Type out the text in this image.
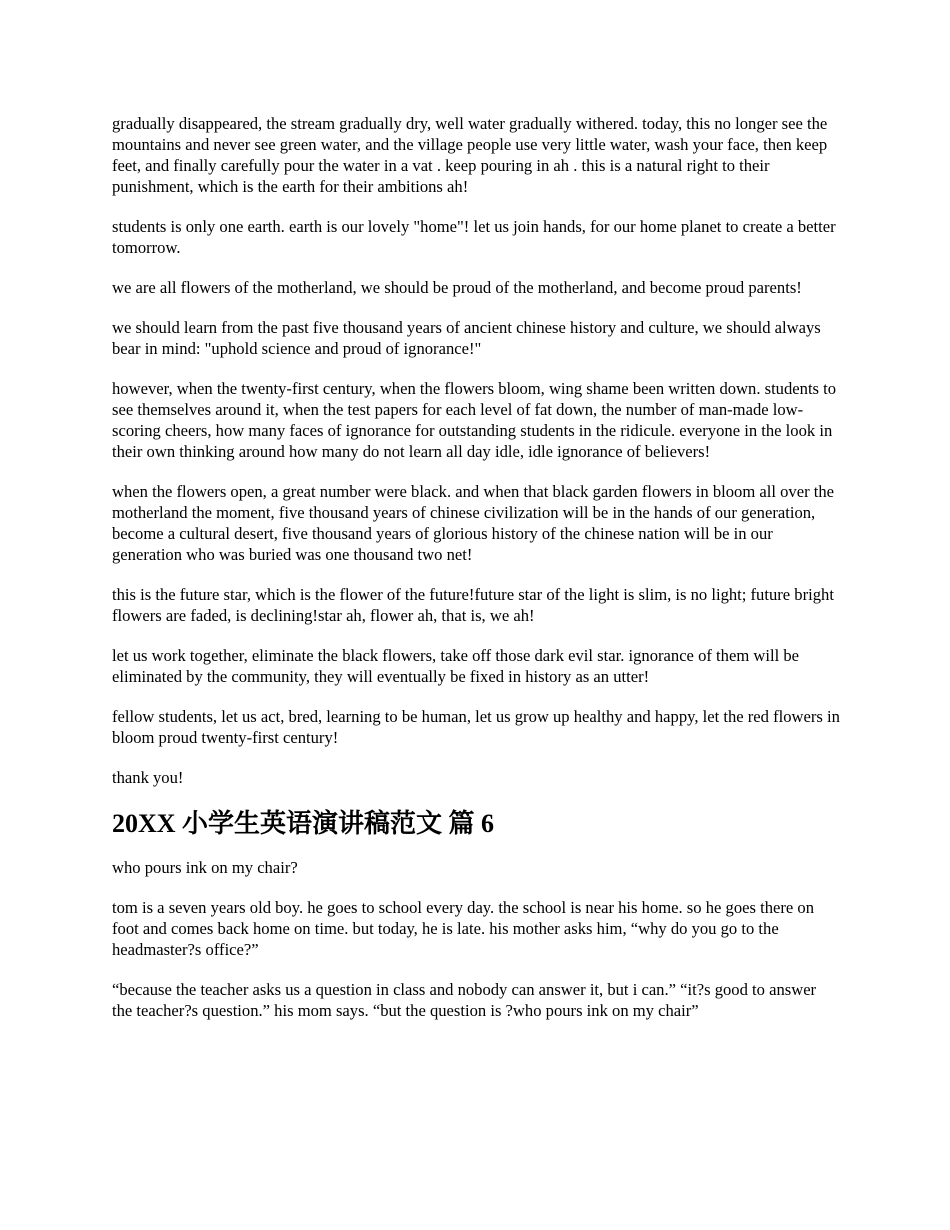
gradually disappeared, the stream gradually dry, well water gradually withered. today, this no longer see the mountains and never see green water, and the village people use very little water, wash your face, then keep feet, and finally carefully pour the water in a vat . keep pouring in ah . this is a natural right to their punishment, which is the earth for their ambitions ah!

students is only one earth. earth is our lovely "home"! let us join hands, for our home planet to create a better tomorrow.

we are all flowers of the motherland, we should be proud of the motherland, and become proud parents!

we should learn from the past five thousand years of ancient chinese history and culture, we should always bear in mind: "uphold science and proud of ignorance!"

however, when the twenty-first century, when the flowers bloom, wing shame been written down. students to see themselves around it, when the test papers for each level of fat down, the number of man-made low-scoring cheers, how many faces of ignorance for outstanding students in the ridicule. everyone in the look in their own thinking around how many do not learn all day idle, idle ignorance of believers!

when the flowers open, a great number were black. and when that black garden flowers in bloom all over the motherland the moment, five thousand years of chinese civilization will be in the hands of our generation, become a cultural desert, five thousand years of glorious history of the chinese nation will be in our generation who was buried was one thousand two net!

this is the future star, which is the flower of the future!future star of the light is slim, is no light; future bright flowers are faded, is declining!star ah, flower ah, that is, we ah!

let us work together, eliminate the black flowers, take off those dark evil star. ignorance of them will be eliminated by the community, they will eventually be fixed in history as an utter!

fellow students, let us act, bred, learning to be human, let us grow up healthy and happy, let the red flowers in bloom proud twenty-first century!

thank you!

20XX 小学生英语演讲稿范文 篇 6

who pours ink on my chair?

tom is a seven years old boy. he goes to school every day. the school is near his home. so he goes there on foot and comes back home on time. but today, he is late. his mother asks him, “why do you go to the headmaster?s office?”

“because the teacher asks us a question in class and nobody can answer it, but i can.” “it?s good to answer the teacher?s question.” his mom says. “but the question is ?who pours ink on my chair”
